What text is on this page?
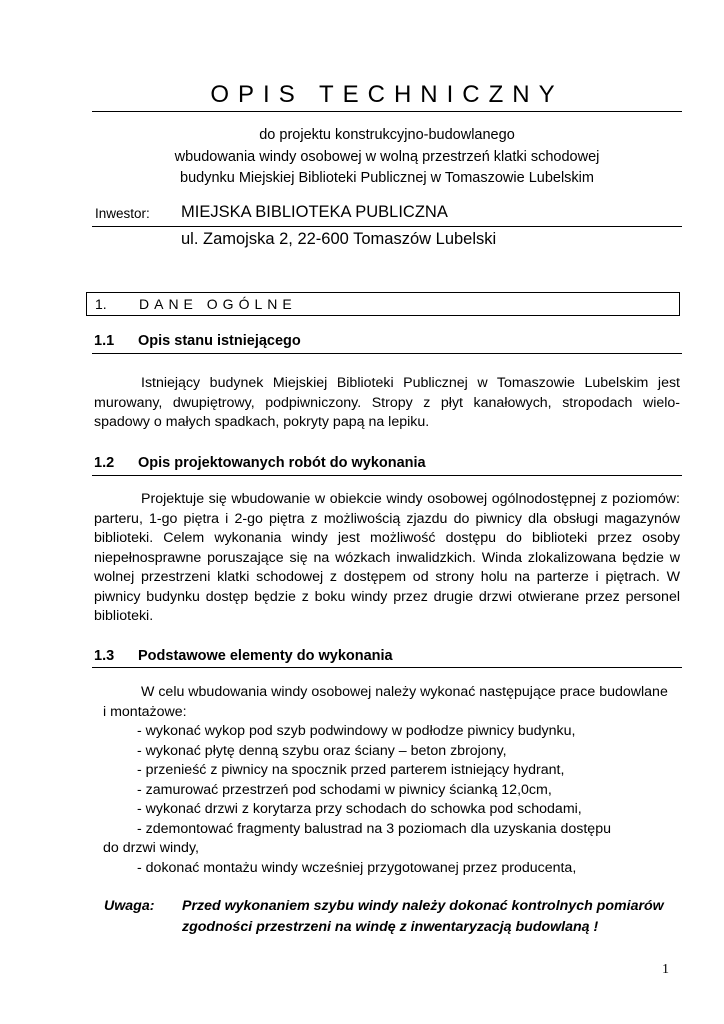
OPIS TECHNICZNY
do projektu konstrukcyjno-budowlanego
wbudowania windy osobowej w wolną przestrzeń klatki schodowej
budynku Miejskiej Biblioteki Publicznej w Tomaszowie Lubelskim
Inwestor: MIEJSKA BIBLIOTEKA PUBLICZNA
ul. Zamojska 2, 22-600 Tomaszów Lubelski
1. DANE OGÓLNE
1.1 Opis stanu istniejącego
Istniejący budynek Miejskiej Biblioteki Publicznej w Tomaszowie Lubelskim jest murowany, dwupiętrowy, podpiwniczony. Stropy z płyt kanałowych, stropodach wielo-spadowy o małych spadkach, pokryty papą na lepiku.
1.2 Opis projektowanych robót do wykonania
Projektuje się wbudowanie w obiekcie windy osobowej ogólnodostępnej z poziomów: parteru, 1-go piętra i 2-go piętra z możliwością zjazdu do piwnicy dla obsługi magazynów biblioteki. Celem wykonania windy jest możliwość dostępu do biblioteki przez osoby niepełnosprawne poruszające się na wózkach inwalidzkich. Winda zlokalizowana będzie w wolnej przestrzeni klatki schodowej z dostępem od strony holu na parterze i piętrach. W piwnicy budynku dostęp będzie z boku windy przez drugie drzwi otwierane przez personel biblioteki.
1.3 Podstawowe elementy do wykonania
W celu wbudowania windy osobowej należy wykonać następujące prace budowlane
i montażowe:
- wykonać wykop pod szyb podwindowy w podłodze piwnicy budynku,
- wykonać płytę denną szybu oraz ściany – beton zbrojony,
- przenieść z piwnicy na spocznik przed parterem istniejący hydrant,
- zamurować przestrzeń pod schodami w piwnicy ścianką 12,0cm,
- wykonać drzwi z korytarza przy schodach do schowka pod schodami,
- zdemontować fragmenty balustrad na 3 poziomach dla uzyskania dostępu
do drzwi windy,
- dokonać montażu windy wcześniej przygotowanej przez producenta,
Uwaga: Przed wykonaniem szybu windy należy dokonać kontrolnych pomiarów
zgodności przestrzeni na windę z inwentaryzacją budowlaną !
1
